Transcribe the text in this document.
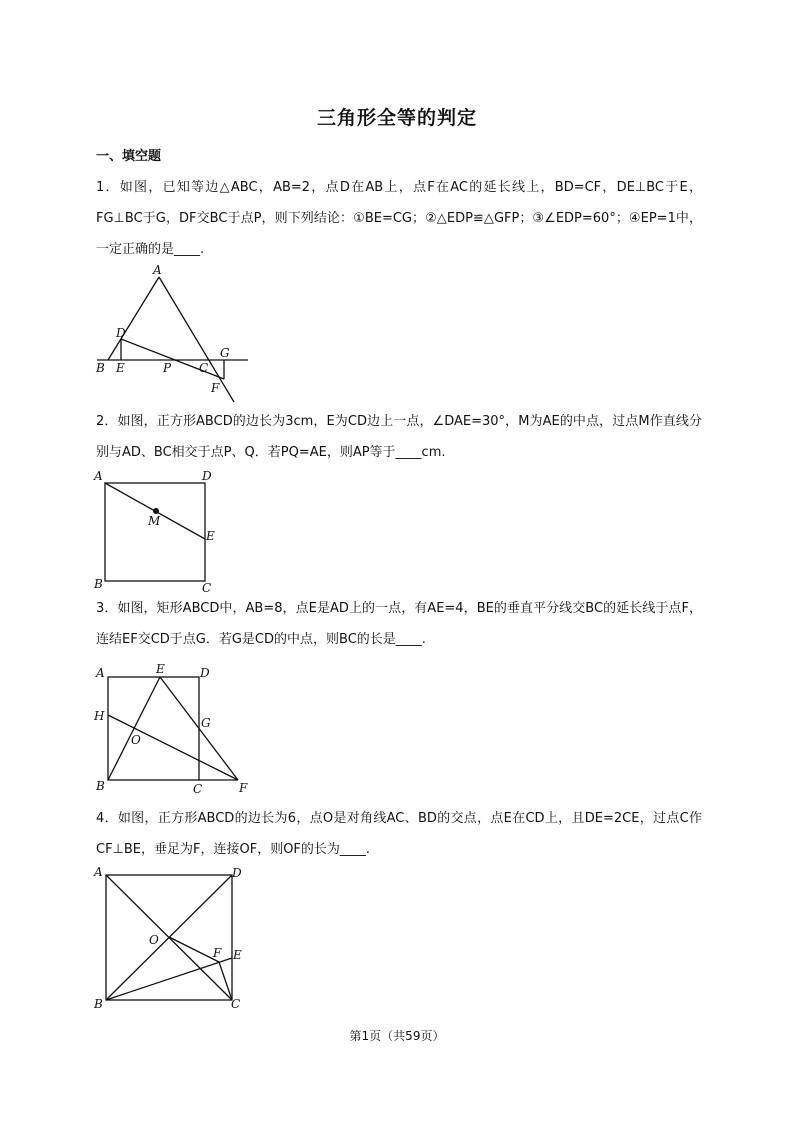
三角形全等的判定
一、填空题
1．如图，已知等边△ABC，AB=2，点D在AB上，点F在AC的延长线上，BD=CF，DE⊥BC于E，FG⊥BC于G，DF交BC于点P，则下列结论：①BE=CG；②△EDP≌△GFP；③∠EDP=60°；④EP=1中，一定正确的是____.
A
B
D
E	P C
G
F
2．如图，正方形ABCD的边长为3cm，E为CD边上一点，∠DAE=30°，M为AE的中点，过点M作直线分别与AD、BC相交于点P、Q．若PQ=AE，则AP等于____cm.
A	D
M
E
B	C
3．如图，矩形ABCD中，AB=8，点E是AD上的一点，有AE=4，BE的垂直平分线交BC的延长线于点F，连结EF交CD于点G．若G是CD的中点，则BC的长是____.
A	E	D
H	G
O
B	C	F
4．如图，正方形ABCD的边长为6，点O是对角线AC、BD的交点，点E在CD上，且DE=2CE，过点C作CF⊥BE，垂足为F，连接OF，则OF的长为____.
A	D
O
F E
B	C
第1页（共59页）
